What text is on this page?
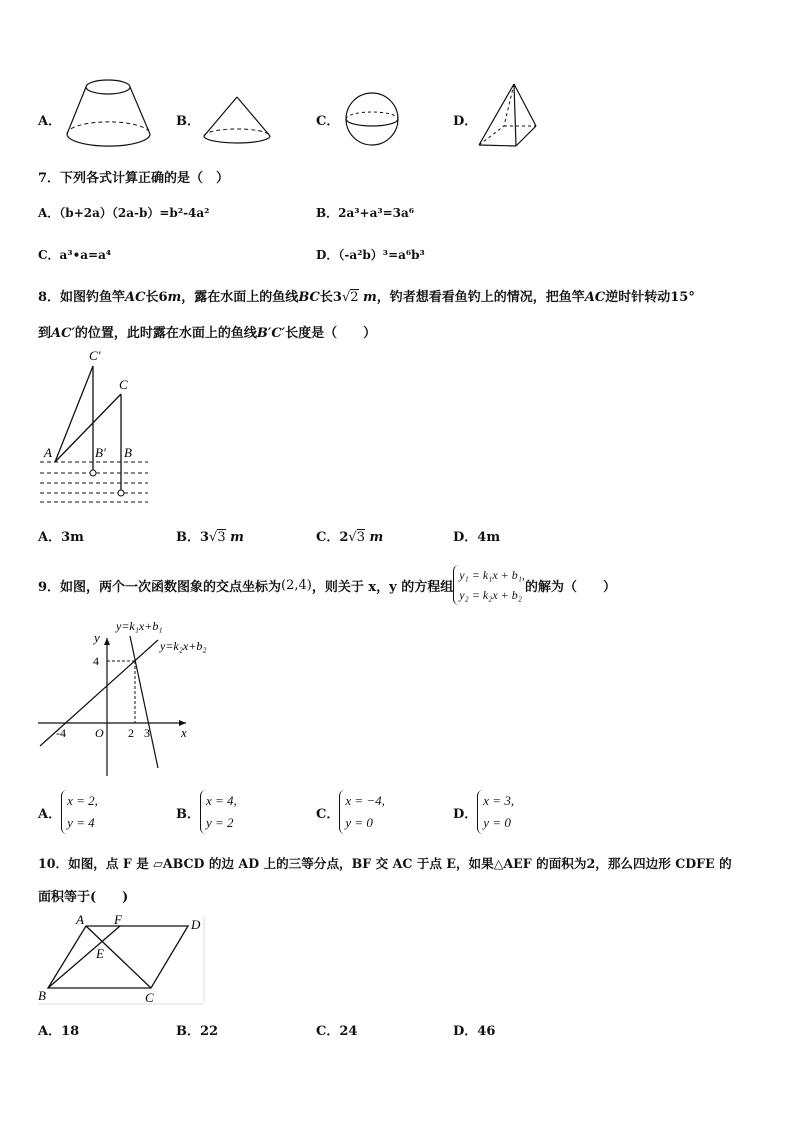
A．	B．	C．	D．
7．下列各式计算正确的是（　）
A．（b+2a）（2a-b）=b²-4a²	B．2a³+a³=3a⁶
C．a³•a=a⁴	D．（-a²b）³=a⁶b³
8．如图钓鱼竿AC长6m，露在水面上的鱼线BC长3√2 m，钓者想看看鱼钓上的情况，把鱼竿AC逆时针转动15°
到AC′的位置，此时露在水面上的鱼线B′C′长度是（　　）
C′
C
A	B′ B
A．3m	B．3√3 m	C．2√3 m	D．4m
9．如图，两个一次函数图象的交点坐标为 (2,4) ，则关于 x，y 的方程组
y₁ = k₁x + b₁,
y₂ = k₂x + b₂
的解为（　　）
y=k₁x+b₁
y=k₂x+b₂
y
x
4
-4 O 2 3
A．
x = 2,
y = 4
B．
x = 4,
y = 2
C．
x = −4,
y = 0
D．
x = 3,
y = 0
10．如图，点 F 是 ▱ABCD 的边 AD 上的三等分点，BF 交 AC 于点 E，如果△AEF 的面积为2，那么四边形 CDFE 的
面积等于(　　)
A F	D
E
B	C
A．18	B．22	C．24	D．46
